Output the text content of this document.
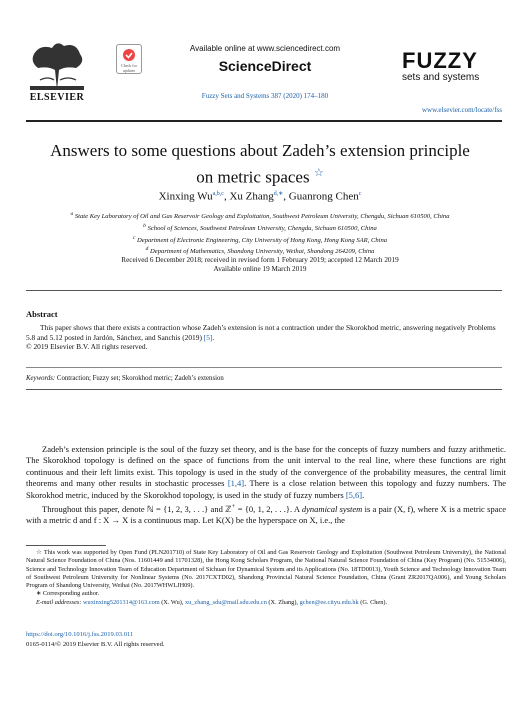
ELSEVIER
Check for updates
Available online at www.sciencedirect.com
ScienceDirect
Fuzzy Sets and Systems 387 (2020) 174–180
FUZZY
sets and systems
www.elsevier.com/locate/fss
Answers to some questions about Zadeh’s extension principle
on metric spaces ☆
Xinxing Wu$^{a,b,c}$, Xu Zhang$^{d,∗}$, Guanrong Chen$^c$
$^a$ State Key Laboratory of Oil and Gas Reservoir Geology and Exploitation, Southwest Petroleum University, Chengdu, Sichuan 610500, China
$^b$ School of Sciences, Southwest Petroleum University, Chengdu, Sichuan 610500, China
$^c$ Department of Electronic Engineering, City University of Hong Kong, Hong Kong SAR, China
$^d$ Department of Mathematics, Shandong University, Weihai, Shandong 264209, China
Received 6 December 2018; received in revised form 1 February 2019; accepted 12 March 2019
Available online 19 March 2019
Abstract
This paper shows that there exists a contraction whose Zadeh’s extension is not a contraction under the Skorokhod metric, answering negatively Problems 5.8 and 5.12 posted in Jardón, Sánchez, and Sanchis (2019) [5].
© 2019 Elsevier B.V. All rights reserved.
Keywords: Contraction; Fuzzy set; Skorokhod metric; Zadeh’s extension

Zadeh’s extension principle is the soul of the fuzzy set theory, and is the base for the concepts of fuzzy numbers and fuzzy arithmetic. The Skorokhod topology is defined on the space of functions from the unit interval to the real line, where these functions are right continuous and their left limits exist. This topology is used in the study of the convergence of the probability measures, the central limit theorems and many other results in stochastic processes [1,4]. There is a close relation between this topology and fuzzy numbers. The Skorokhod metric, induced by the Skorokhod topology, is used in the study of fuzzy numbers [5,6].

Throughout this paper, denote ℕ = {1, 2, 3, . . .} and ℤ+ = {0, 1, 2, . . .}. A dynamical system is a pair (X, f), where X is a metric space with a metric d and f : X → X is a continuous map. Let K(X) be the hyperspace on X, i.e., the

☆ This work was supported by Open Fund (PLN201710) of State Key Laboratory of Oil and Gas Reservoir Geology and Exploitation (Southwest Petroleum University), the National Natural Science Foundation of China (Nos. 11601449 and 11701328), the Hong Kong Scholars Program, the National Natural Science Foundation of China (Key Program) (No. 51534006), Science and Technology Innovation Team of Education Department of Sichuan for Dynamical System and its Applications (No. 18TD0013), Youth Science and Technology Innovation Team of Southwest Petroleum University for Nonlinear Systems (No. 2017CXTD02), Shandong Provincial Natural Science Foundation, China (Grant ZR2017QA006), and Young Scholars Program of Shandong University, Weihai (No. 2017WHWLJH09).

∗ Corresponding author.

E-mail addresses: wuxinxing5201314@163.com (X. Wu), xu_zhang_sdu@mail.sdu.edu.cn (X. Zhang), gchen@ee.cityu.edu.hk (G. Chen).

https://doi.org/10.1016/j.fss.2019.03.011
0165-0114/© 2019 Elsevier B.V. All rights reserved.
